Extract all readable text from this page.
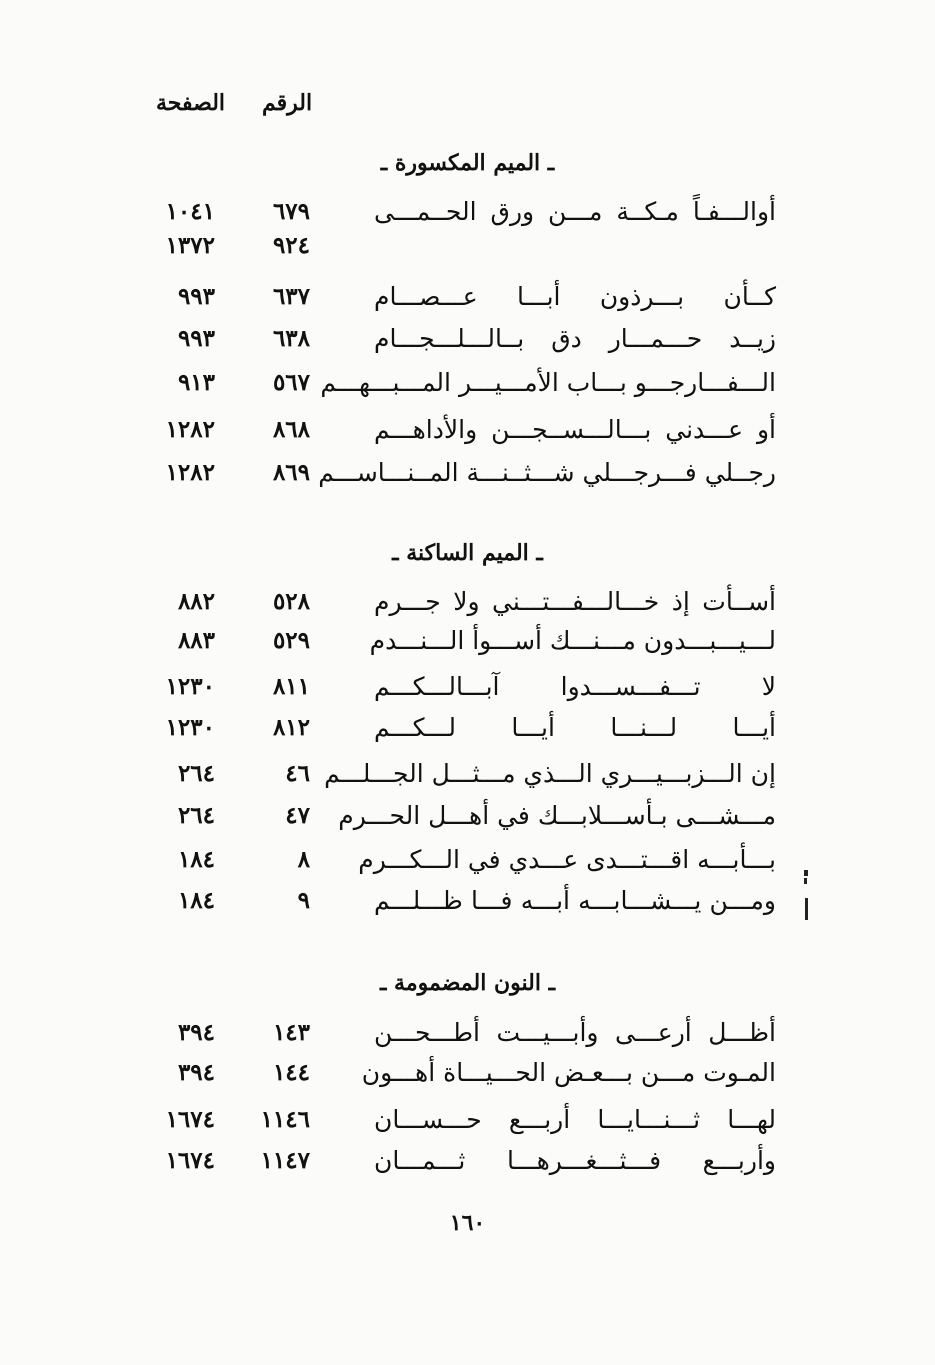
الرقم
الصفحة
ـ الميم المكسورة ـ
أوالـــفـاً مـكــة مـــن ورق الحــمـــى
٦٧٩
١٠٤١
٩٢٤
١٣٧٢
كــأن بـــرذون أبـــا عـــصـــام
٦٣٧
٩٩٣
زيــد حـــمـــار دق بــالـــلـــجـــام
٦٣٨
٩٩٣
الـــفـــارجـــو بـــاب الأمـــيـــر المـــبـــهـــم
٥٦٧
٩١٣
أو عـــدني بـــالـــســجـــن والأداهـــم
٨٦٨
١٢٨٢
رجــلي فـــرجـــلي شـــثــنـــة المــنـــاســـم
٨٦٩
١٢٨٢
ـ الميم الساكنة ـ
أســأت إذ خـــالـــفـــتـــني ولا جـــرم
٥٢٨
٨٨٢
لـــيـــبـــدون مـــنـــك أســـوأ الـــنـــدم
٥٢٩
٨٨٣
لا تـــفـــســـدوا آبـــالـــكـــم
٨١١
١٢٣٠
أيـــا لـــنـــا أيـــا لـــكـــم
٨١٢
١٢٣٠
إن الـــزبـــيـــري الـــذي مـــثـــل الجـــلـــم
٤٦
٢٦٤
مـــشـــى بـأســـلابـــك في أهـــل الحـــرم
٤٧
٢٦٤
بـــأبـــه اقـــتـــدى عـــدي في الـــكـــرم
٨
١٨٤
ومـــن يـــشـــابـــه أبـــه فـــا ظـــلـــم
٩
١٨٤
ـ النون المضمومة ـ
أظـــل أرعـــى وأبـــيـــت أطـــحـــن
١٤٣
٣٩٤
المـوت مـــن بـــعـض الحـــيـــاة أهـــون
١٤٤
٣٩٤
لهـــا ثـــنـــايـــا أربـــع حـــســـان
١١٤٦
١٦٧٤
وأربـــع فـــثـــغـــرهـــا ثـــمـــان
١١٤٧
١٦٧٤
١٦٠
